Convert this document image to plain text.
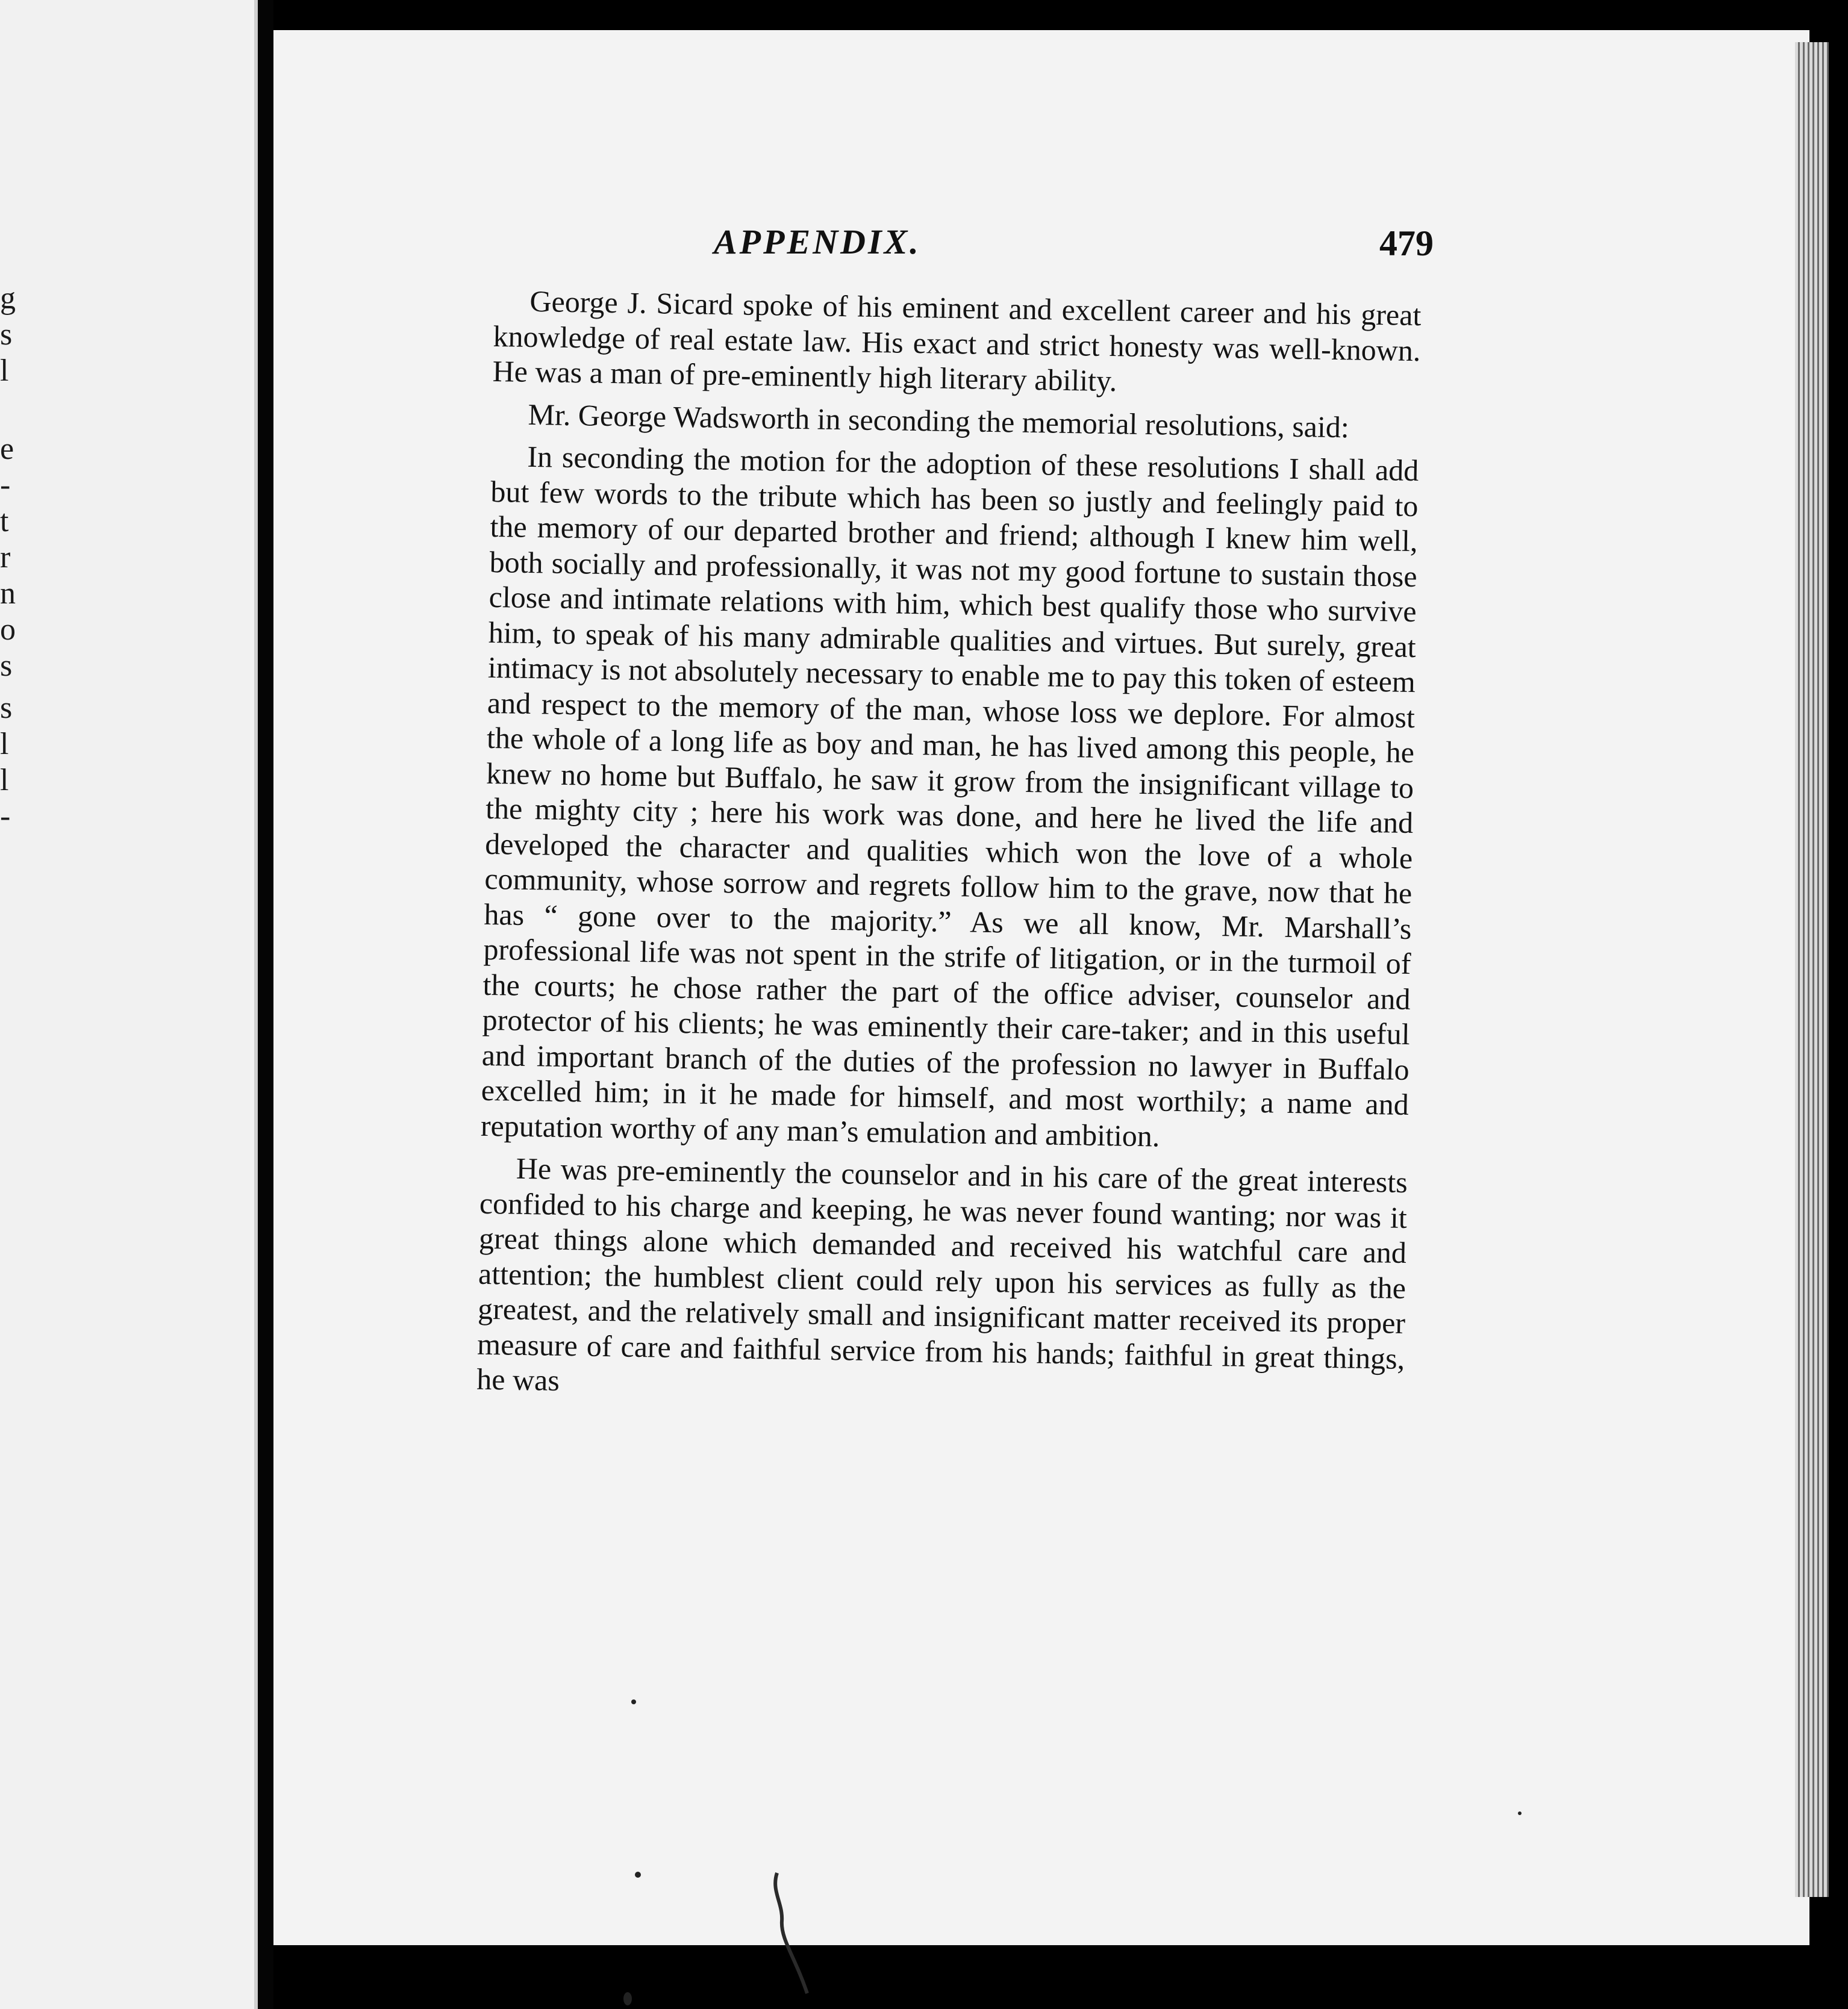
g
s
l
e
-
t
r
n
o
s
s
l
l
-
APPENDIX.	479

George J. Sicard spoke of his eminent and excellent career and his great knowledge of real estate law. His exact and strict honesty was well-known. He was a man of pre-eminently high literary ability.

Mr. George Wadsworth in seconding the memorial resolutions, said:

In seconding the motion for the adoption of these resolutions I shall add but few words to the tribute which has been so justly and feelingly paid to the memory of our departed brother and friend; although I knew him well, both socially and professionally, it was not my good fortune to sustain those close and intimate relations with him, which best qualify those who survive him, to speak of his many admirable qualities and virtues. But surely, great intimacy is not absolutely necessary to enable me to pay this token of esteem and respect to the memory of the man, whose loss we deplore. For almost the whole of a long life as boy and man, he has lived among this people, he knew no home but Buffalo, he saw it grow from the insignificant village to the mighty city ; here his work was done, and here he lived the life and developed the character and qualities which won the love of a whole community, whose sorrow and regrets follow him to the grave, now that he has “ gone over to the majority.” As we all know, Mr. Marshall’s professional life was not spent in the strife of litigation, or in the turmoil of the courts; he chose rather the part of the office adviser, counselor and protector of his clients; he was eminently their care-taker; and in this useful and important branch of the duties of the profession no lawyer in Buffalo excelled him; in it he made for himself, and most worthily; a name and reputation worthy of any man’s emulation and ambition.

He was pre-eminently the counselor and in his care of the great interests confided to his charge and keeping, he was never found wanting; nor was it great things alone which demanded and received his watchful care and attention; the humblest client could rely upon his services as fully as the greatest, and the relatively small and insignificant matter received its proper measure of care and faithful service from his hands; faithful in great things, he was
